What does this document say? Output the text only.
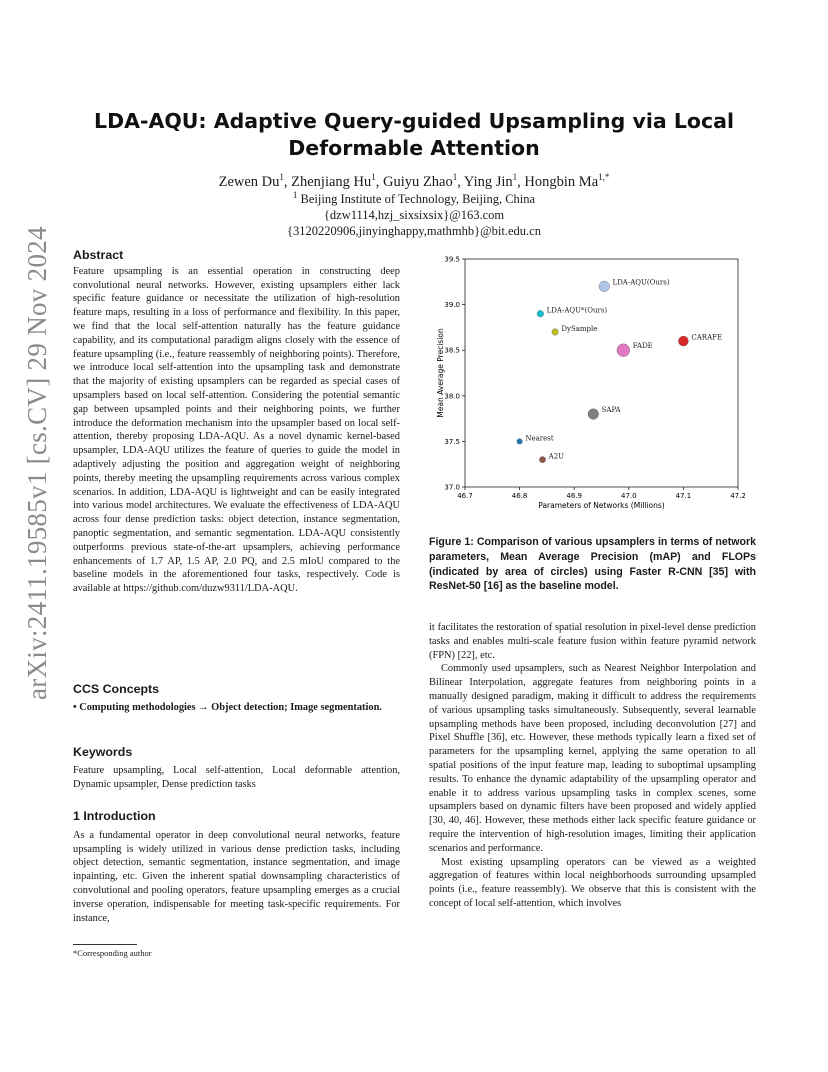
arXiv:2411.19585v1 [cs.CV] 29 Nov 2024
LDA-AQU: Adaptive Query-guided Upsampling via Local
Deformable Attention
Zewen Du$^1$, Zhenjiang Hu$^1$, Guiyu Zhao$^1$, Ying Jin$^1$, Hongbin $Ma^{1,*}$
$^1$ Beijing Institute of Technology, Beijing, China
{dzw1114,hzj_sixsixsix}@163.com
{3120220906,jinyinghappy,mathmhb}@bit.edu.cn
Abstract

Feature upsampling is an essential operation in constructing deep convolutional neural networks. However, existing upsamplers either lack specific feature guidance or necessitate the utilization of high-resolution feature maps, resulting in a loss of performance and flexibility. In this paper, we find that the local self-attention naturally has the feature guidance capability, and its computational paradigm aligns closely with the essence of feature upsampling (i.e., feature reassembly of neighboring points). Therefore, we introduce local self-attention into the upsampling task and demonstrate that the majority of existing upsamplers can be regarded as special cases of upsamplers based on local self-attention. Considering the potential semantic gap between upsampled points and their neighboring points, we further introduce the deformation mechanism into the upsampler based on local self-attention, thereby proposing LDA-AQU. As a novel dynamic kernel-based upsampler, LDA-AQU utilizes the feature of queries to guide the model in adaptively adjusting the position and aggregation weight of neighboring points, thereby meeting the upsampling requirements across various complex scenarios. In addition, LDA-AQU is lightweight and can be easily integrated into various model architectures. We evaluate the effectiveness of LDA-AQU across four dense prediction tasks: object detection, instance segmentation, panoptic segmentation, and semantic segmentation. LDA-AQU consistently outperforms previous state-of-the-art upsamplers, achieving performance enhancements of 1.7 AP, 1.5 AP, 2.0 PQ, and 2.5 mIoU compared to the baseline models in the aforementioned four tasks, respectively. Code is available at https://github.com/duzw9311/LDA-AQU.

CCS Concepts

• Computing methodologies → Object detection; Image segmentation.

Keywords

Feature upsampling, Local self-attention, Local deformable attention, Dynamic upsampler, Dense prediction tasks

1 Introduction

As a fundamental operator in deep convolutional neural networks, feature upsampling is widely utilized in various dense prediction tasks, including object detection, semantic segmentation, instance segmentation, and image inpainting, etc. Given the inherent spatial downsampling characteristics of convolutional and pooling operators, feature upsampling emerges as a crucial inverse operation, indispensable for meeting task-specific requirements. For instance,

*Corresponding author
46.7	46.8	46.9	47.0	47.1	47.2
37.0
37.5
38.0
38.5
39.0
39.5
LDA-AQU(Ours)
LDA-AQU*(Ours)
DySample
CARAFE
FADE
SAPA
Nearest
A2U
Parameters of Networks (Millions)
Mean Average Precision
Figure 1: Comparison of various upsamplers in terms of network parameters, Mean Average Precision (mAP) and FLOPs (indicated by area of circles) using Faster R-CNN [35] with ResNet-50 [16] as the baseline model.

it facilitates the restoration of spatial resolution in pixel-level dense prediction tasks and enables multi-scale feature fusion within feature pyramid network (FPN) [22], etc.

Commonly used upsamplers, such as Nearest Neighbor Interpolation and Bilinear Interpolation, aggregate features from neighboring points in a manually designed paradigm, making it difficult to address the requirements of various upsampling tasks simultaneously. Subsequently, several learnable upsampling methods have been proposed, including deconvolution [27] and Pixel Shuffle [36], etc. However, these methods typically learn a fixed set of parameters for the upsampling kernel, applying the same operation to all spatial positions of the input feature map, leading to suboptimal upsampling results. To enhance the dynamic adaptability of the upsampling operator and enable it to address various upsampling tasks in complex scenes, some upsamplers based on dynamic filters have been proposed and widely applied [30, 40, 46]. However, these methods either lack specific feature guidance or require the intervention of high-resolution images, limiting their application scenarios and performance.

Most existing upsampling operators can be viewed as a weighted aggregation of features within local neighborhoods surrounding upsampled points (i.e., feature reassembly). We observe that this is consistent with the concept of local self-attention, which involves
